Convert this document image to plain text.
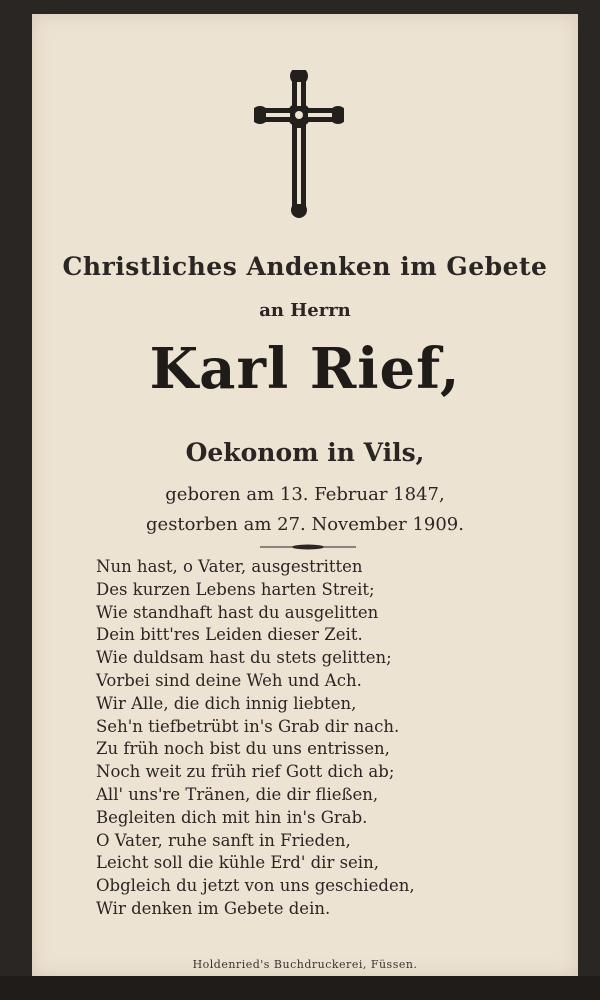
Christliches Andenken im Gebete
an Herrn
Karl Rief,
Oekonom in Vils,
geboren am 13. Februar 1847,
gestorben am 27. November 1909.
Nun hast, o Vater, ausgestritten
Des kurzen Lebens harten Streit;
Wie standhaft hast du ausgelitten
Dein bitt'res Leiden dieser Zeit.
Wie duldsam hast du stets gelitten;
Vorbei sind deine Weh und Ach.
Wir Alle, die dich innig liebten,
Seh'n tiefbetrübt in's Grab dir nach.
Zu früh noch bist du uns entrissen,
Noch weit zu früh rief Gott dich ab;
All' uns're Tränen, die dir fließen,
Begleiten dich mit hin in's Grab.
O Vater, ruhe sanft in Frieden,
Leicht soll die kühle Erd' dir sein,
Obgleich du jetzt von uns geschieden,
Wir denken im Gebete dein.
Holdenried's Buchdruckerei, Füssen.
